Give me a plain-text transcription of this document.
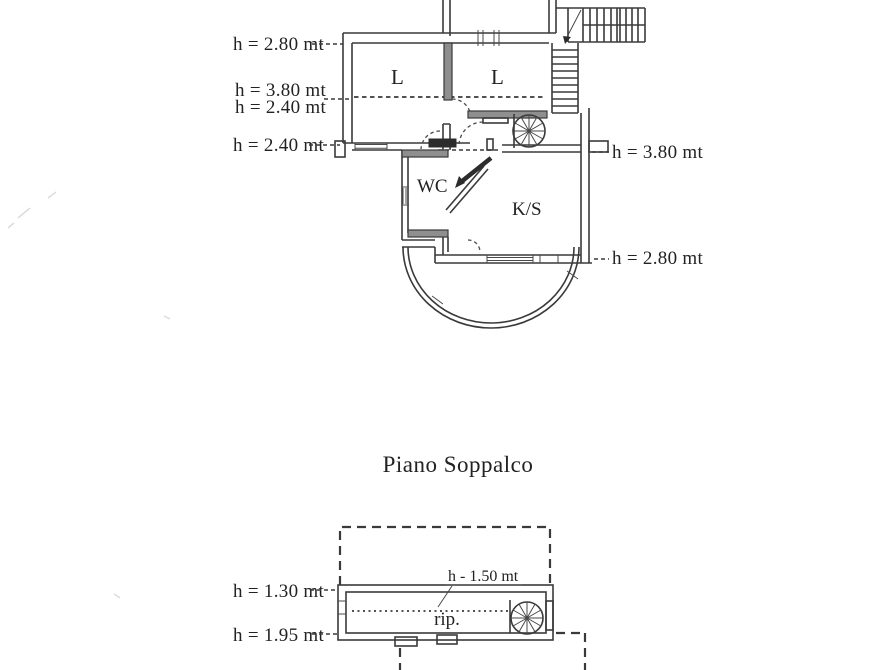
L	L
WC
K/S
h = 2.80 mt
h = 3.80 mt
h = 2.40 mt
h = 2.40 mt	h = 3.80 mt
h = 2.80 mt
Piano Soppalco
rip.
h - 1.50 mt
h = 1.30 mt
h = 1.95 mt
